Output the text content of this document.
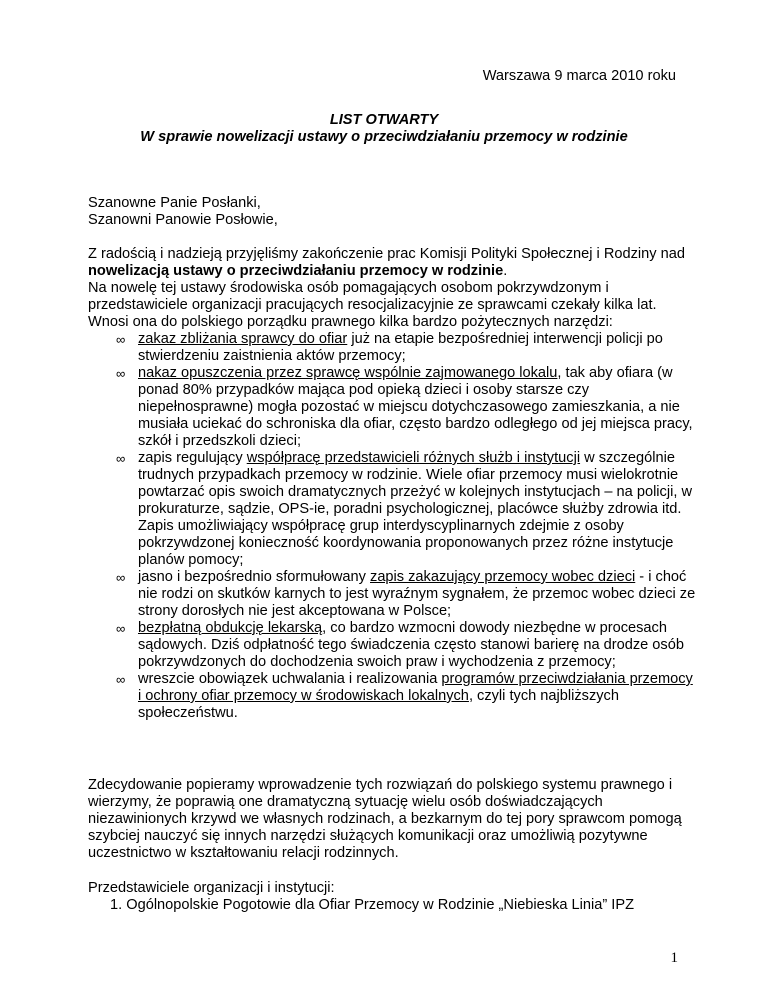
Warszawa 9 marca 2010 roku
LIST OTWARTY
W sprawie nowelizacji ustawy o przeciwdziałaniu przemocy w rodzinie
Szanowne Panie Posłanki,
Szanowni Panowie Posłowie,
Z radością i nadzieją przyjęliśmy zakończenie prac Komisji Polityki Społecznej i Rodziny nad nowelizacją ustawy o przeciwdziałaniu przemocy w rodzinie.
Na nowelę tej ustawy środowiska osób pomagających osobom pokrzywdzonym i przedstawiciele organizacji pracujących resocjalizacyjnie ze sprawcami czekały kilka lat.
Wnosi ona do polskiego porządku prawnego kilka bardzo pożytecznych narzędzi:
∞ zakaz zbliżania sprawcy do ofiar już na etapie bezpośredniej interwencji policji po stwierdzeniu zaistnienia aktów przemocy;
∞ nakaz opuszczenia przez sprawcę wspólnie zajmowanego lokalu, tak aby ofiara (w ponad 80% przypadków mająca pod opieką dzieci i osoby starsze czy niepełnosprawne) mogła pozostać w miejscu dotychczasowego zamieszkania, a nie musiała uciekać do schroniska dla ofiar, często bardzo odległego od jej miejsca pracy, szkół i przedszkoli dzieci;
∞ zapis regulujący współpracę przedstawicieli różnych służb i instytucji w szczególnie trudnych przypadkach przemocy w rodzinie. Wiele ofiar przemocy musi wielokrotnie powtarzać opis swoich dramatycznych przeżyć w kolejnych instytucjach – na policji, w prokuraturze, sądzie, OPS-ie, poradni psychologicznej, placówce służby zdrowia itd. Zapis umożliwiający współpracę grup interdyscyplinarnych zdejmie z osoby pokrzywdzonej konieczność koordynowania proponowanych przez różne instytucje planów pomocy;
∞ jasno i bezpośrednio sformułowany zapis zakazujący przemocy wobec dzieci - i choć nie rodzi on skutków karnych to jest wyraźnym sygnałem, że przemoc wobec dzieci ze strony dorosłych nie jest akceptowana w Polsce;
∞ bezpłatną obdukcję lekarską, co bardzo wzmocni dowody niezbędne w procesach sądowych. Dziś odpłatność tego świadczenia często stanowi barierę na drodze osób pokrzywdzonych do dochodzenia swoich praw i wychodzenia z przemocy;
∞ wreszcie obowiązek uchwalania i realizowania programów przeciwdziałania przemocy i ochrony ofiar przemocy w środowiskach lokalnych, czyli tych najbliższych społeczeństwu.
Zdecydowanie popieramy wprowadzenie tych rozwiązań do polskiego systemu prawnego i wierzymy, że poprawią one dramatyczną sytuację wielu osób doświadczających niezawinionych krzywd we własnych rodzinach, a bezkarnym do tej pory sprawcom pomogą szybciej nauczyć się innych narzędzi służących komunikacji oraz umożliwią pozytywne uczestnictwo w kształtowaniu relacji rodzinnych.
Przedstawiciele organizacji i instytucji:
1. Ogólnopolskie Pogotowie dla Ofiar Przemocy w Rodzinie „Niebieska Linia” IPZ
1
